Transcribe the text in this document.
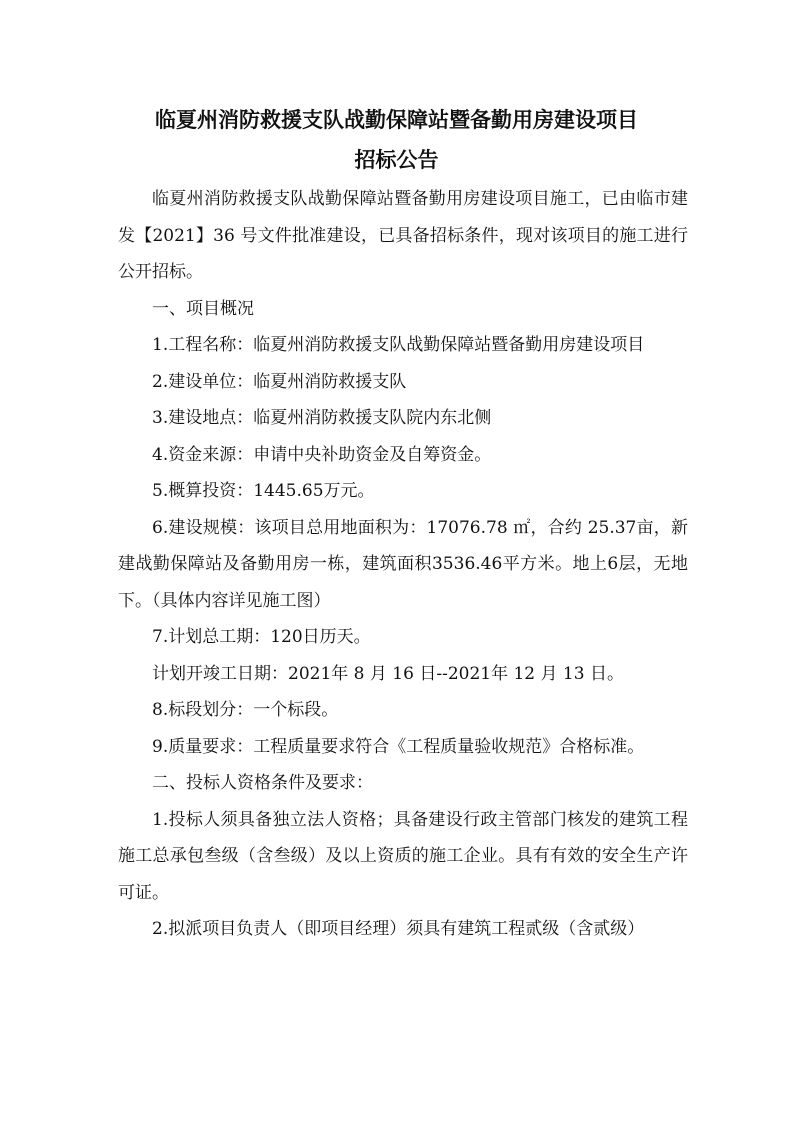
临夏州消防救援支队战勤保障站暨备勤用房建设项目
招标公告

临夏州消防救援支队战勤保障站暨备勤用房建设项目施工，已由临市建发【2021】36 号文件批准建设，已具备招标条件，现对该项目的施工进行公开招标。

一、项目概况

1.工程名称：临夏州消防救援支队战勤保障站暨备勤用房建设项目

2.建设单位：临夏州消防救援支队

3.建设地点：临夏州消防救援支队院内东北侧

4.资金来源：申请中央补助资金及自筹资金。

5.概算投资：1445.65万元。

6.建设规模：该项目总用地面积为：17076.78 ㎡，合约 25.37亩，新建战勤保障站及备勤用房一栋，建筑面积3536.46平方米。地上6层，无地下。（具体内容详见施工图）

7.计划总工期：120日历天。

计划开竣工日期：2021年 8 月 16 日--2021年 12 月 13 日。

8.标段划分：一个标段。

9.质量要求：工程质量要求符合《工程质量验收规范》合格标准。

二、投标人资格条件及要求：

1.投标人须具备独立法人资格；具备建设行政主管部门核发的建筑工程施工总承包叁级（含叁级）及以上资质的施工企业。具有有效的安全生产许可证。

2.拟派项目负责人（即项目经理）须具有建筑工程贰级（含贰级）
